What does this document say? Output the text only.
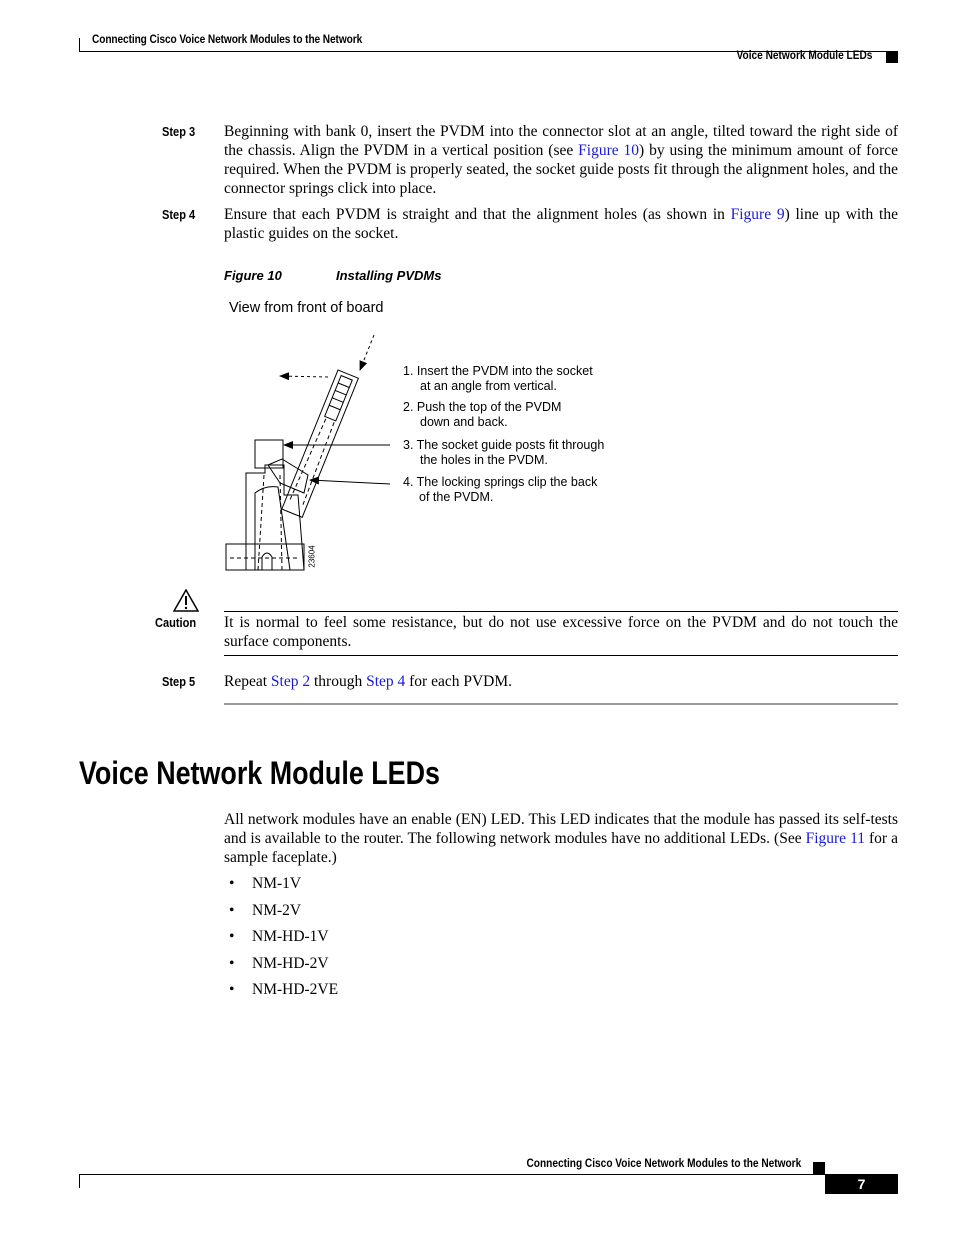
Connecting Cisco Voice Network Modules to the Network
Voice Network Module LEDs
Step 3 Beginning with bank 0, insert the PVDM into the connector slot at an angle, tilted toward the right side of the chassis. Align the PVDM in a vertical position (see Figure 10) by using the minimum amount of force required. When the PVDM is properly seated, the socket guide posts fit through the alignment holes, and the connector springs click into place.
Step 4 Ensure that each PVDM is straight and that the alignment holes (as shown in Figure 9) line up with the plastic guides on the socket.
Figure 10	Installing PVDMs
View from front of board
23604
1. Insert the PVDM into the socket
at an angle from vertical.
2. Push the top of the PVDM
down and back.
3. The socket guide posts fit through
the holes in the PVDM.
4. The locking springs clip the back
of the PVDM.
Caution It is normal to feel some resistance, but do not use excessive force on the PVDM and do not touch the surface components.
Step 5 Repeat Step 2 through Step 4 for each PVDM.
Voice Network Module LEDs
All network modules have an enable (EN) LED. This LED indicates that the module has passed its self-tests and is available to the router. The following network modules have no additional LEDs. (See Figure 11 for a sample faceplate.)
• NM-1V
• NM-2V
• NM-HD-1V
• NM-HD-2V
• NM-HD-2VE
Connecting Cisco Voice Network Modules to the Network
7
